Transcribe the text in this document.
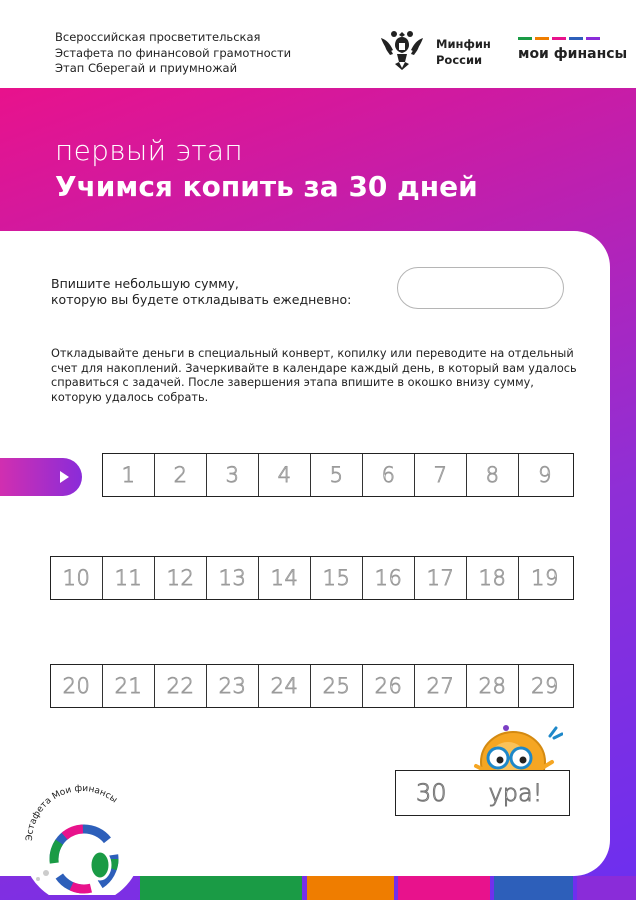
Всероссийская просветительская
Эстафета по финансовой грамотности
Этап Сберегай и приумножай
Минфин
России	мои финансы
первый этап
Учимся копить за 30 дней
Впишите небольшую сумму,
которую вы будете откладывать ежедневно:
Откладывайте деньги в специальный конверт, копилку или переводите на отдельный
счет для накоплений. Зачеркивайте в календаре каждый день, в который вам удалось
справиться с задачей. После завершения этапа впишите в окошко внизу сумму,
которую удалось собрать.
1	2	3	4	5	6	7	8	9
10	11	12	13	14	15	16	17	18	19
20	21	22	23	24	25	26	27	28	29
30 ура!
Эстафета Мои финансы
